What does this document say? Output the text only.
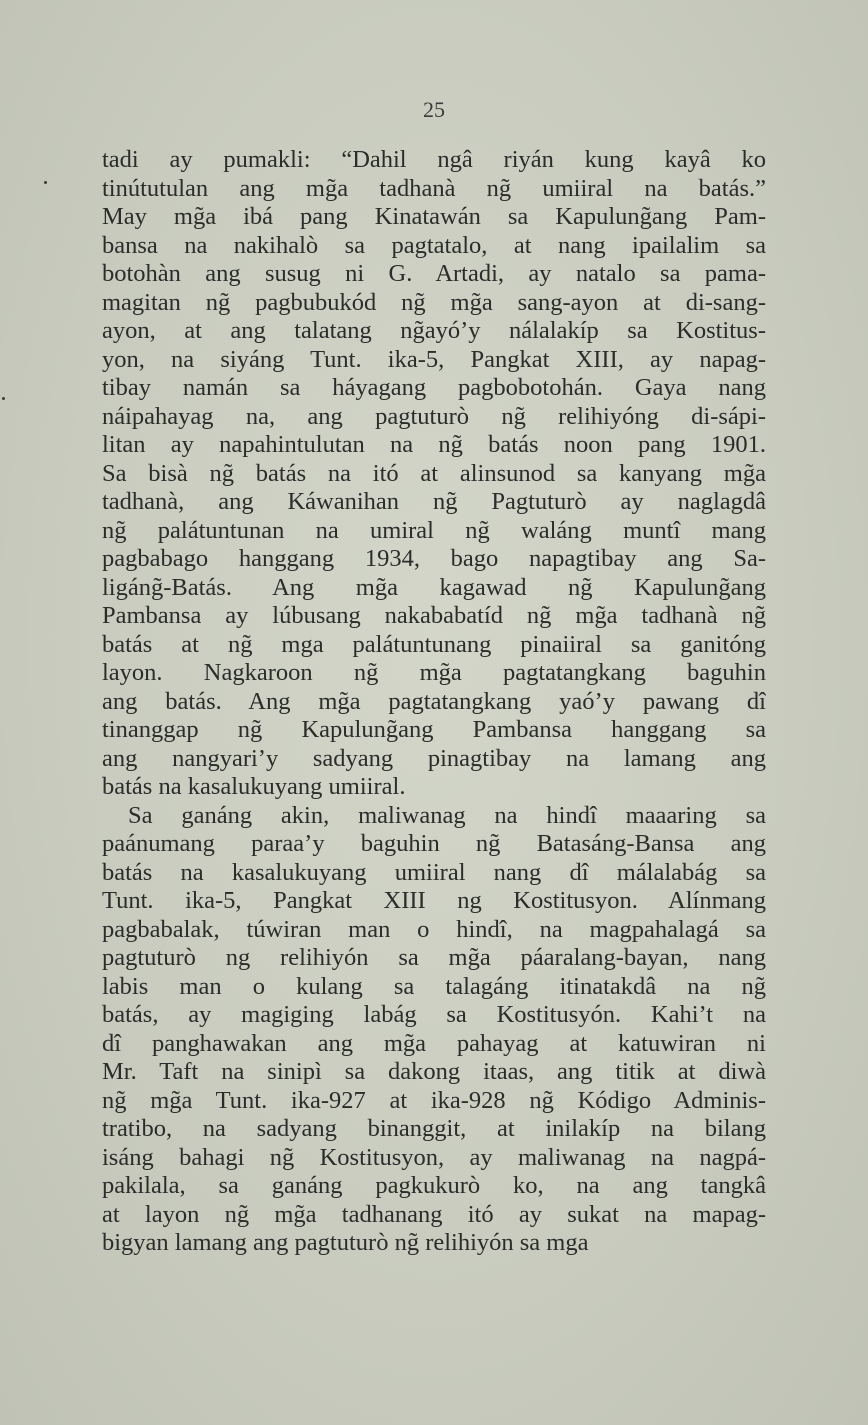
25
tadi ay pumakli: “Dahil ngâ riyán kung kayâ ko
tinútutulan ang mg̃a tadhanà ng̃ umiiral na batás.”
May mg̃a ibá pang Kinatawán sa Kapulung̃ang Pam-
bansa na nakihalò sa pagtatalo, at nang ipailalim sa
botohàn ang susug ni G. Artadi, ay natalo sa pama-
magitan ng̃ pagbubukód ng̃ mg̃a sang-ayon at di-sang-
ayon, at ang talatang ng̃ayó’y nálalakíp sa Kostitus-
yon, na siyáng Tunt. ika-5, Pangkat XIII, ay napag-
tibay namán sa háyagang pagbobotohán. Gaya nang
náipahayag na, ang pagtuturò ng̃ relihiyóng di-sápi-
litan ay napahintulutan na ng̃ batás noon pang 1901.
Sa bisà ng̃ batás na itó at alinsunod sa kanyang mg̃a
tadhanà, ang Káwanihan ng̃ Pagtuturò ay naglagdâ
ng̃ palátuntunan na umiral ng̃ waláng muntî mang
pagbabago hanggang 1934, bago napagtibay ang Sa-
ligáng̃-Batás. Ang mg̃a kagawad ng̃ Kapulung̃ang
Pambansa ay lúbusang nakababatíd ng̃ mg̃a tadhanà ng̃
batás at ng̃ mga palátuntunang pinaiiral sa ganitóng
layon. Nagkaroon ng̃ mg̃a pagtatangkang baguhin
ang batás. Ang mg̃a pagtatangkang yaó’y pawang dî
tinanggap ng̃ Kapulung̃ang Pambansa hanggang sa
ang nangyari’y sadyang pinagtibay na lamang ang
batás na kasalukuyang umiiral.
Sa ganáng akin, maliwanag na hindî maaaring sa
paánumang paraa’y baguhin ng̃ Batasáng-Bansa ang
batás na kasalukuyang umiiral nang dî málalabág sa
Tunt. ika-5, Pangkat XIII ng Kostitusyon. Alínmang
pagbabalak, túwiran man o hindî, na magpahalagá sa
pagtuturò ng relihiyón sa mg̃a páaralang-bayan, nang
labis man o kulang sa talagáng itinatakdâ na ng̃
batás, ay magiging labág sa Kostitusyón. Kahi’t na
dî panghawakan ang mg̃a pahayag at katuwiran ni
Mr. Taft na sinipì sa dakong itaas, ang titik at diwà
ng̃ mg̃a Tunt. ika-927 at ika-928 ng̃ Kódigo Adminis-
tratibo, na sadyang binanggit, at inilakíp na bilang
isáng bahagi ng̃ Kostitusyon, ay maliwanag na nagpá-
pakilala, sa ganáng pagkukurò ko, na ang tangkâ
at layon ng̃ mg̃a tadhanang itó ay sukat na mapag-
bigyan lamang ang pagtuturò ng̃ relihiyón sa mga
